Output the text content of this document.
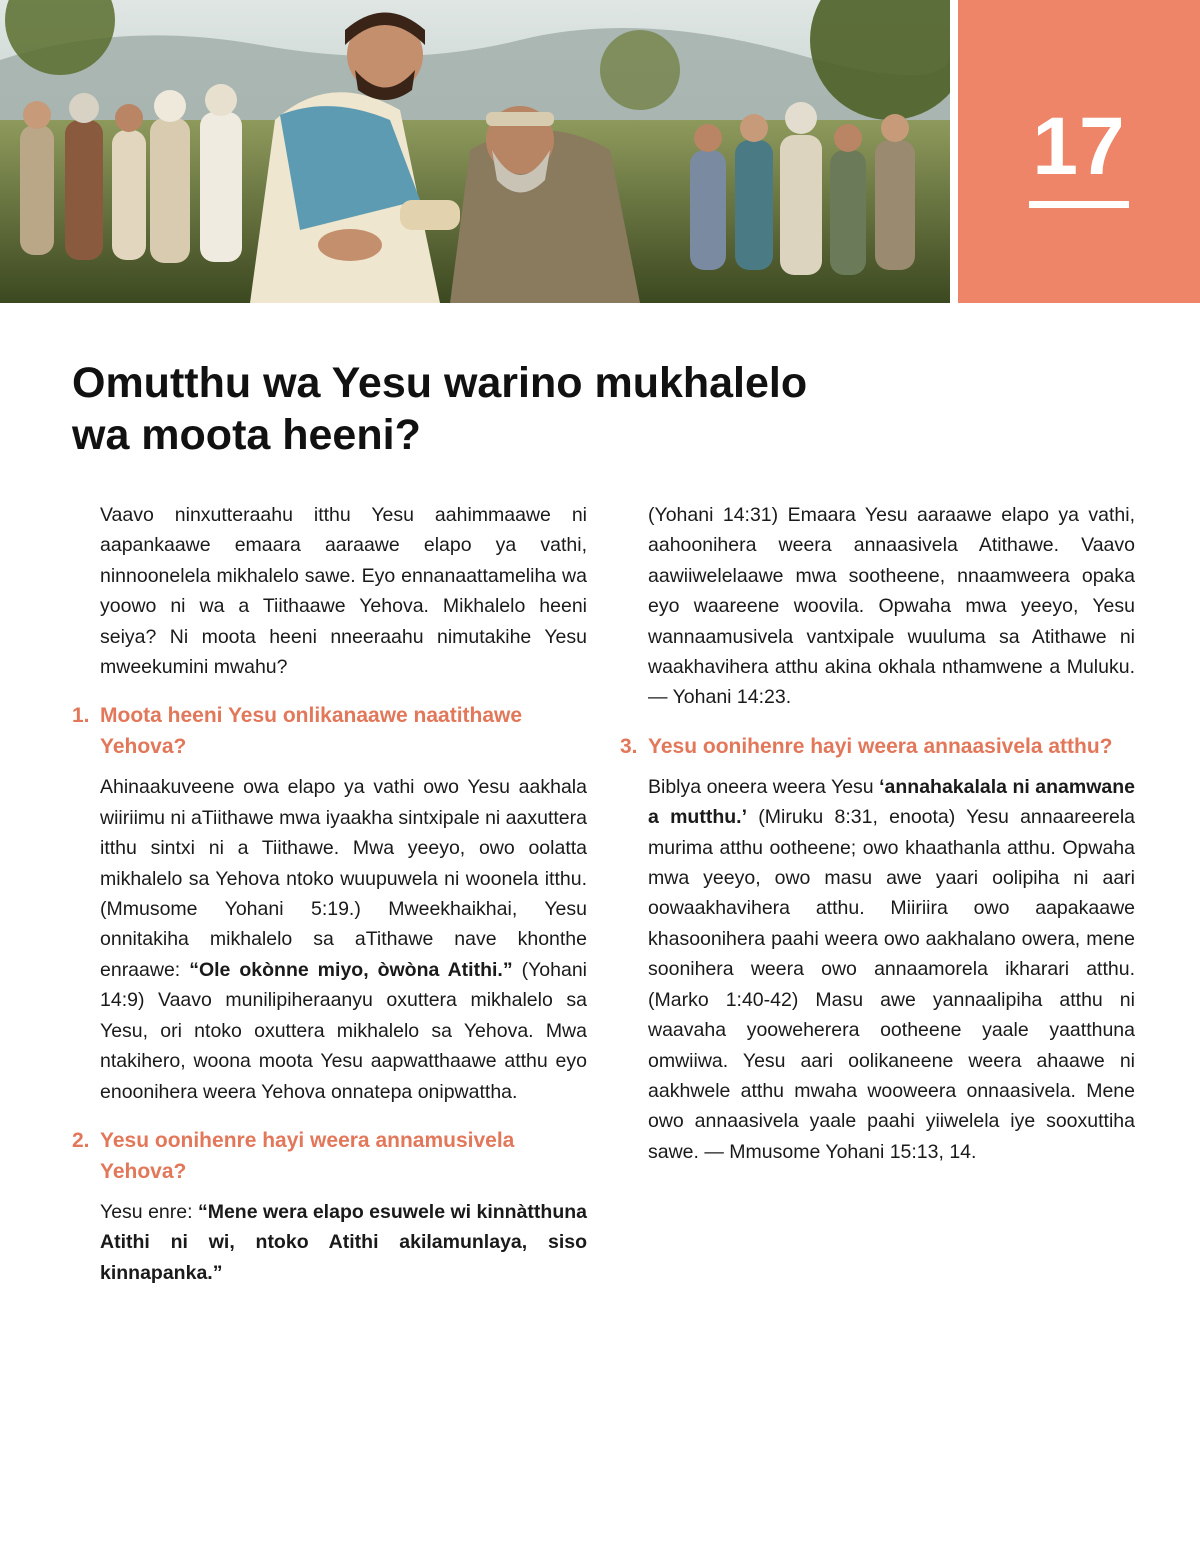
17
Omutthu wa Yesu warino mukhalelo wa moota heeni?

Vaavo ninxutteraahu itthu Yesu aahimmaawe ni aapankaawe emaara aaraawe elapo ya vathi, ninnoonelela mikhalelo sawe. Eyo ennanaattameliha wa yoowo ni wa a Tiithaawe Yehova. Mikhalelo heeni seiya? Ni moota heeni nneeraahu nimutakihe Yesu mweekumini mwahu?

1. Moota heeni Yesu onlikanaawe naatithawe Yehova?

Ahinaakuveene owa elapo ya vathi owo Yesu aakhala wiiriimu ni aTiithawe mwa iyaakha sintxipale ni aaxuttera itthu sintxi ni a Tiithawe. Mwa yeeyo, owo oolatta mikhalelo sa Yehova ntoko wuupuwela ni woonela itthu. (Mmusome Yohani 5:19.) Mweekhaikhai, Yesu onnitakiha mikhalelo sa aTithawe nave khonthe enraawe: “Ole okònne miyo, òwòna Atithi.” (Yohani 14:9) Vaavo munilipiheraanyu oxuttera mikhalelo sa Yesu, ori ntoko oxuttera mikhalelo sa Yehova. Mwa ntakihero, woona moota Yesu aapwatthaawe atthu eyo enoonihera weera Yehova onnatepa onipwattha.

2. Yesu oonihenre hayi weera annamusivela Yehova?

Yesu enre: “Mene wera elapo esuwele wi kinnàtthuna Atithi ni wi, ntoko Atithi akilamunlaya, siso kinnapanka.”

(Yohani 14:31) Emaara Yesu aaraawe elapo ya vathi, aahoonihera weera annaasivela Atithawe. Vaavo aawiiwelelaawe mwa sootheene, nnaamweera opaka eyo waareene woovila. Opwaha mwa yeeyo, Yesu wannaamusivela vantxipale wuuluma sa Atithawe ni waakhavihera atthu akina okhala nthamwene a Muluku. — Yohani 14:23.

3. Yesu oonihenre hayi weera annaasivela atthu?

Biblya oneera weera Yesu ‘annahakalala ni anamwane a mutthu.’ (Miruku 8:31, enoota) Yesu annaareerela murima atthu ootheene; owo khaathanla atthu. Opwaha mwa yeeyo, owo masu awe yaari oolipiha ni aari oowaakhavihera atthu. Miiriira owo aapakaawe khasoonihera paahi weera owo aakhalano owera, mene soonihera weera owo annaamorela ikharari atthu. (Marko 1:40-42) Masu awe yannaalipiha atthu ni waavaha yooweherera ootheene yaale yaatthuna omwiiwa. Yesu aari oolikaneene weera ahaawe ni aakhwele atthu mwaha wooweera onnaasivela. Mene owo annaasivela yaale paahi yiiwelela iye sooxuttiha sawe. — Mmusome Yohani 15:13, 14.
